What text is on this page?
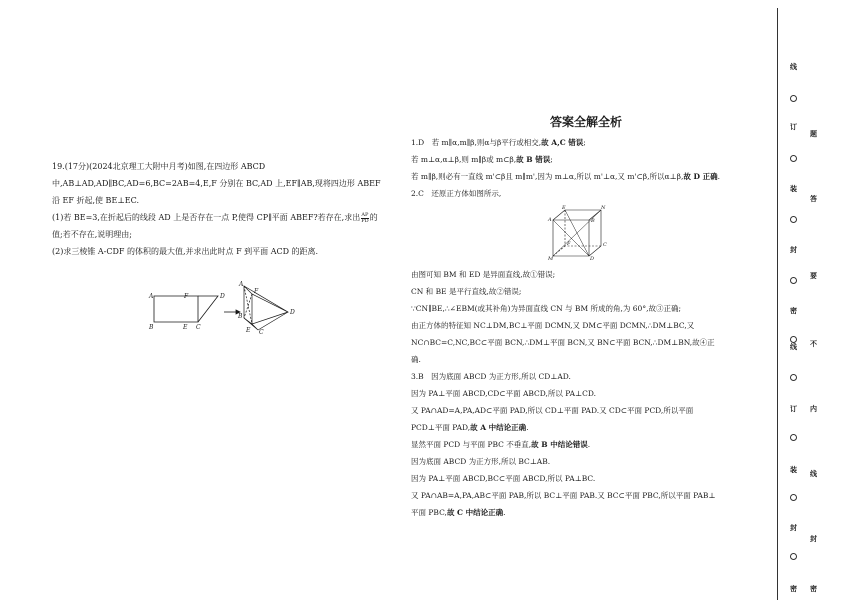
19.(17分)(2024北京理工大附中月考)如图,在四边形 ABCD

中,AB⊥AD,AD∥BC,AD=6,BC=2AB=4,E,F 分别在 BC,AD 上,EF∥AB,现将四边形 ABEF

沿 EF 折起,使 BE⊥EC.

(1)若 BE=3,在折起后的线段 AD 上是否存在一点 P,使得 CP∥平面 ABEF?若存在,求出 $\frac{AP}{PD}$ 的

值;若不存在,说明理由;

(2)求三棱锥 A-CDF 的体积的最大值,并求出此时点 F 到平面 ACD 的距离.

A	F	D
B	E C
A
B
F
D
E C
答案全解全析

1.D　若 m∥α,m∥β,则α与β平行或相交,故 A,C 错误;

若 m⊥α,α⊥β,则 m∥β或 m⊂β,故 B 错误;

若 m∥β,则必有一直线 m'⊂β且 m∥m',因为 m⊥α,所以 m'⊥α,又 m'⊂β,所以α⊥β,故 D 正确.

2.C　还原正方体如图所示,

E	N
A	B
C
D
M
F

由图可知 BM 和 ED 是异面直线,故①错误;

CN 和 BE 是平行直线,故②错误;

∵CN∥BE,∴∠EBM(或其补角)为异面直线 CN 与 BM 所成的角,为 60°,故③正确;

由正方体的特征知 NC⊥DM,BC⊥平面 DCMN,又 DM⊂平面 DCMN,∴DM⊥BC,又

NC∩BC=C,NC,BC⊂平面 BCN,∴DM⊥平面 BCN,又 BN⊂平面 BCN,∴DM⊥BN,故④正

确.

3.B　因为底面 ABCD 为正方形,所以 CD⊥AD.

因为 PA⊥平面 ABCD,CD⊂平面 ABCD,所以 PA⊥CD.

又 PA∩AD=A,PA,AD⊂平面 PAD,所以 CD⊥平面 PAD.又 CD⊂平面 PCD,所以平面

PCD⊥平面 PAD,故 A 中结论正确.

显然平面 PCD 与平面 PBC 不垂直,故 B 中结论错误.

因为底面 ABCD 为正方形,所以 BC⊥AB.

因为 PA⊥平面 ABCD,BC⊂平面 ABCD,所以 PA⊥BC.

又 PA∩AB=A,PA,AB⊂平面 PAB,所以 BC⊥平面 PAB.又 BC⊂平面 PBC,所以平面 PAB⊥

平面 PBC,故 C 中结论正确.

线
订
装
封
密
线
订
装
封
密
题
答
要
不
内
线
封
密
